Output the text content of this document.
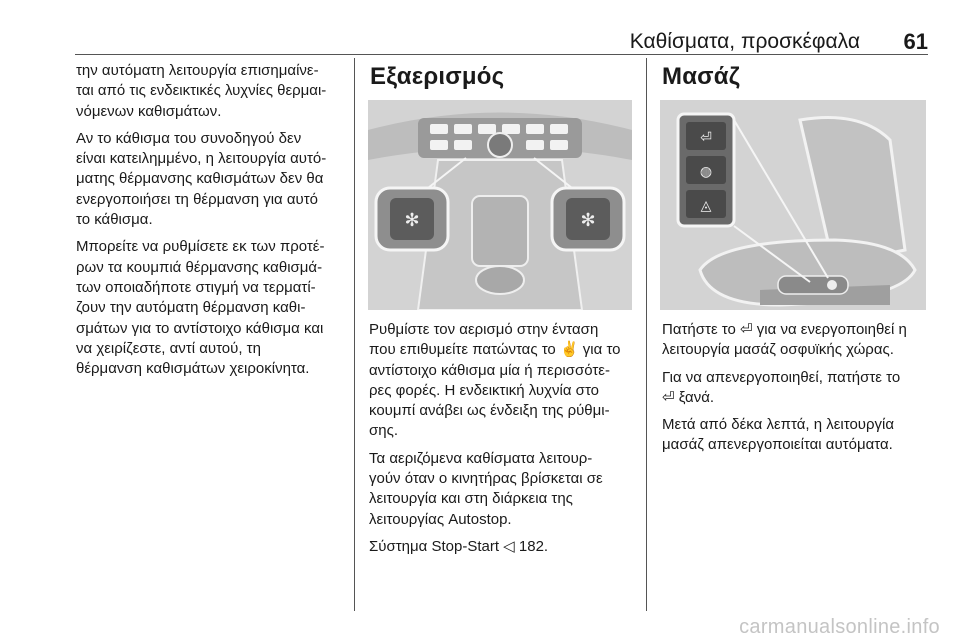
Καθίσματα, προσκέφαλα	61

την αυτόματη λειτουργία επισημαίνε-
ται από τις ενδεικτικές λυχνίες θερμαι-
νόμενων καθισμάτων.

Αν το κάθισμα του συνοδηγού δεν
είναι κατειλημμένο, η λειτουργία αυτό-
ματης θέρμανσης καθισμάτων δεν θα
ενεργοποιήσει τη θέρμανση για αυτό
το κάθισμα.

Μπορείτε να ρυθμίσετε εκ των προτέ-
ρων τα κουμπιά θέρμανσης καθισμά-
των οποιαδήποτε στιγμή να τερματί-
ζουν την αυτόματη θέρμανση καθι-
σμάτων για το αντίστοιχο κάθισμα και
να χειρίζεστε, αντί αυτού, τη
θέρμανση καθισμάτων χειροκίνητα.

Εξαερισμός
✻	✻

Ρυθμίστε τον αερισμό στην ένταση
που επιθυμείτε πατώντας το ✌ για το
αντίστοιχο κάθισμα μία ή περισσότε-
ρες φορές. Η ενδεικτική λυχνία στο
κουμπί ανάβει ως ένδειξη της ρύθμι-
σης.

Τα αεριζόμενα καθίσματα λειτουρ-
γούν όταν ο κινητήρας βρίσκεται σε
λειτουργία και στη διάρκεια της
λειτουργίας Autostop.

Σύστημα Stop-Start ◁ 182.

Μασάζ
⏎
◍
◬

Πατήστε το ⏎ για να ενεργοποιηθεί η
λειτουργία μασάζ οσφυϊκής χώρας.

Για να απενεργοποιηθεί, πατήστε το
⏎ ξανά.

Μετά από δέκα λεπτά, η λειτουργία
μασάζ απενεργοποιείται αυτόματα.

carmanualsonline.info
